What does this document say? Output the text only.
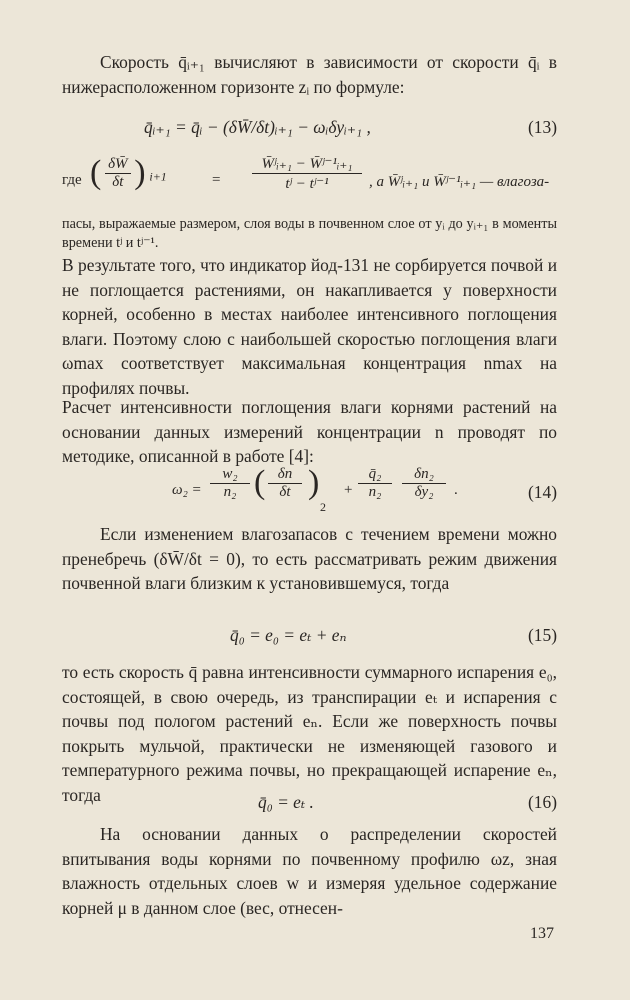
Скорость q̄ᵢ₊₁ вычисляют в зависимости от скорости q̄ᵢ в нижерасположенном горизонте zᵢ по формуле:

q̄ᵢ₊₁ = q̄ᵢ − (δW̄/δt)ᵢ₊₁ − ωᵢδyᵢ₊₁ ,	(13)
где ( $\frac{\delta W̄}{\delta t}$ ) $_{i+1}$	= $\frac{\text{W̄ʲᵢ₊₁ − W̄ʲ⁻¹ᵢ₊₁}}{\text{tʲ − tʲ⁻¹}}$ , а W̄ʲᵢ₊₁ и W̄ʲ⁻¹ᵢ₊₁ — влагоза-

пасы, выражаемые размером, слоя воды в почвенном слое от yᵢ до yᵢ₊₁ в моменты времени tʲ и tʲ⁻¹.

В результате того, что индикатор йод-131 не сорбируется почвой и не поглощается растениями, он накапливается у поверхности корней, особенно в местах наиболее интенсивного поглощения влаги. Поэтому слою с наибольшей скоростью поглощения влаги ωmax соответствует максимальная концентрация nmax на профилях почвы.

Расчет интенсивности поглощения влаги корнями растений на основании данных измерений концентрации n проводят по методике, описанной в работе [4]:

$\omega_2 = \frac{\text{w₂}}{\text{n₂}}$ ( $\frac{\delta n}{\delta t}$ )
2
+ $\frac{\text{q̄₂}}{\text{n₂}} \frac{\text{δn₂}}{\text{δy₂}}$ .	(14)

Если изменением влагозапасов с течением времени можно пренебречь (δW̄/δt = 0), то есть рассматривать режим движения почвенной влаги близким к установившемуся, тогда

q̄₀ = e₀ = eₜ + eₙ	(15)

то есть скорость q̄ равна интенсивности суммарного испарения e₀, состоящей, в свою очередь, из транспирации eₜ и испарения с почвы под пологом растений eₙ. Если же поверхность почвы покрыть мульчой, практически не изменяющей газового и температурного режима почвы, но прекращающей испарение eₙ, тогда	q̄₀ = eₜ .	(16)

На основании данных о распределении скоростей впитывания воды корнями по почвенному профилю ωz, зная влажность отдельных слоев w и измеряя удельное содержание корней μ в данном слое (вес, отнесен-

137
